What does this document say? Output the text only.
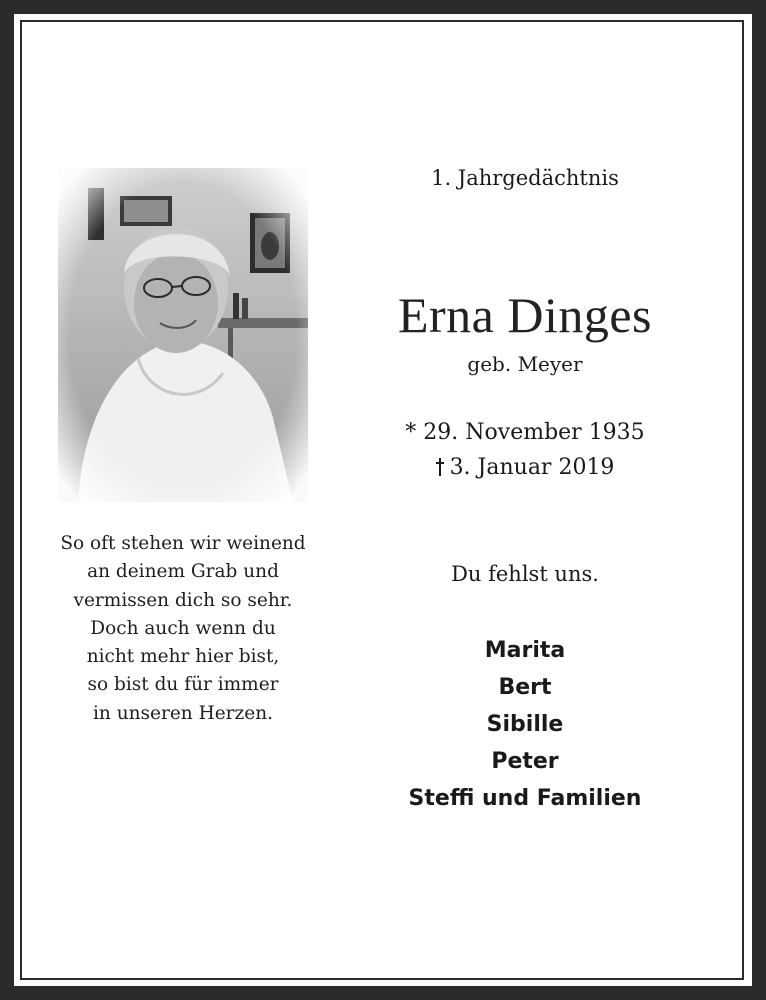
So oft stehen wir weinend
an deinem Grab und
vermissen dich so sehr.
Doch auch wenn du
nicht mehr hier bist,
so bist du für immer
in unseren Herzen.
1. Jahrgedächtnis
Erna Dinges
geb. Meyer
* 29. November 1935
3. Januar 2019
Du fehlst uns.
Marita
Bert
Sibille
Peter
Steffi und Familien
